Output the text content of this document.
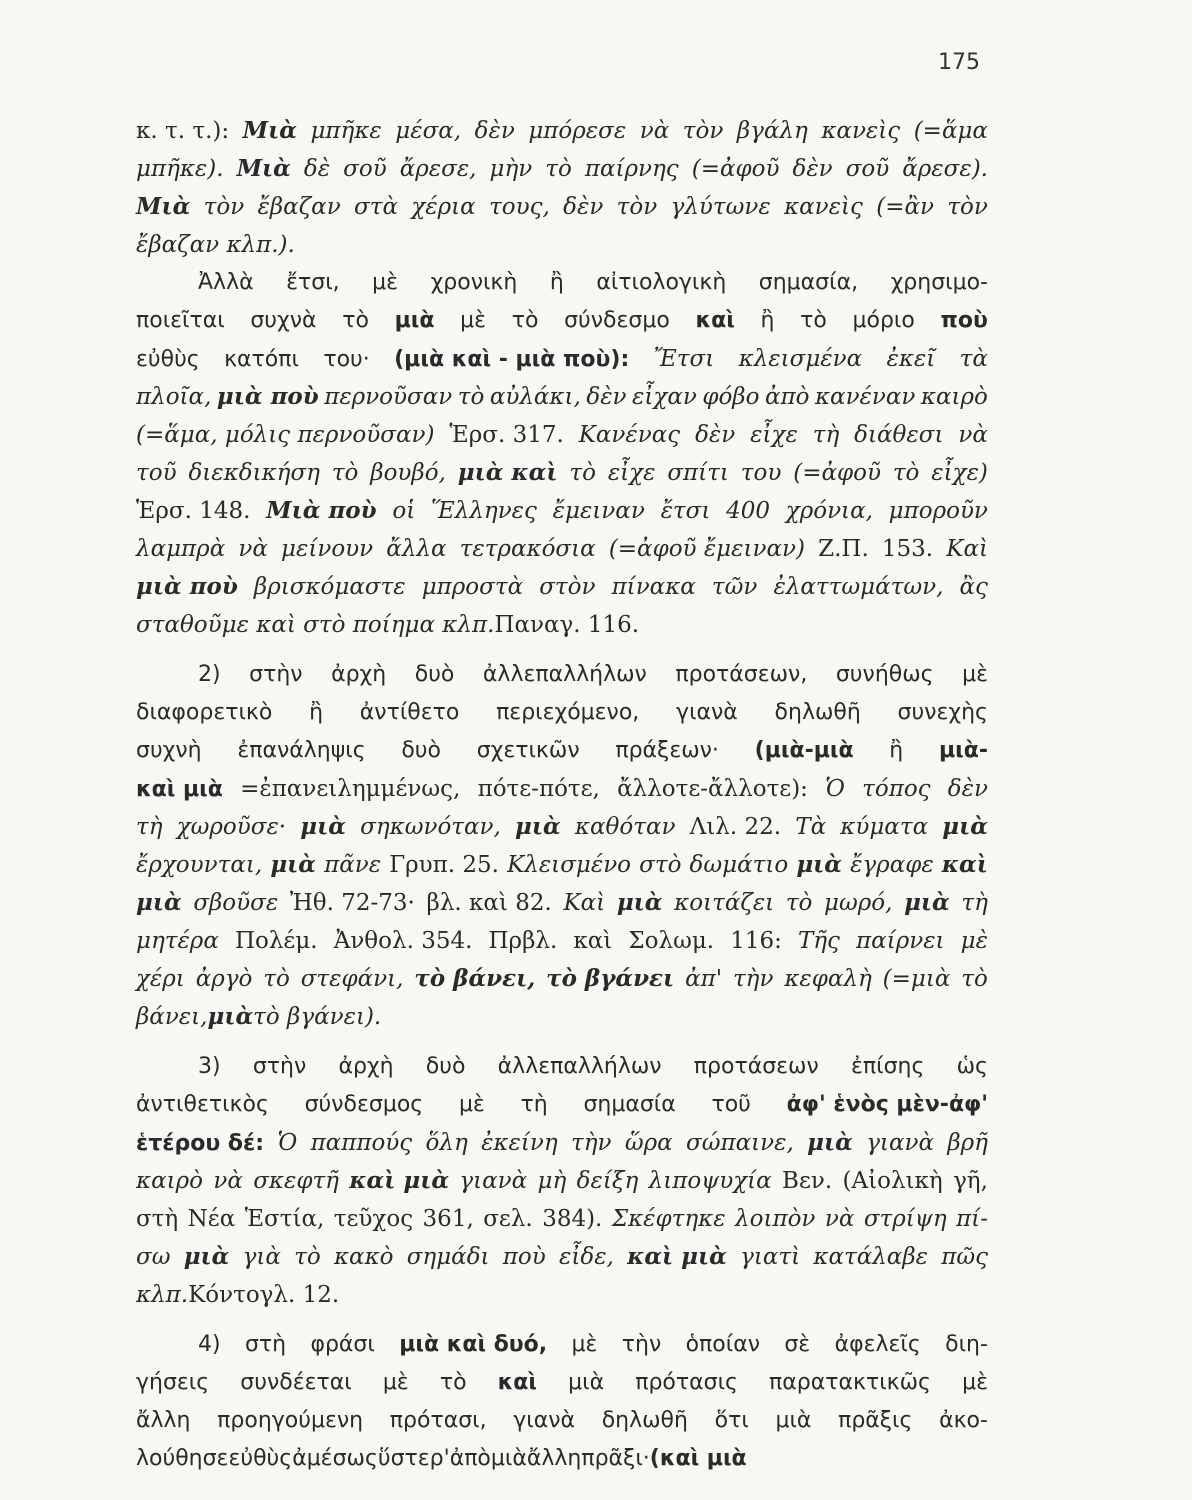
175
κ. τ. τ.): Μιὰ μπῆκε μέσα, δὲν μπόρεσε νὰ τὸν βγάλη κανεὶς (=ἅμα
μπῆκε). Μιὰ δὲ σοῦ ἄρεσε, μὴν τὸ παίρνης (=ἀφοῦ δὲν σοῦ ἄρεσε).
Μιὰ τὸν ἔβαζαν στὰ χέρια τους, δὲν τὸν γλύτωνε κανεὶς (=ἂν τὸν
ἔβαζαν κλπ.).
Ἀλλὰ ἔτσι, μὲ χρονικὴ ἢ αἰτιολογικὴ σημασία, χρησιμο-
ποιεῖται συχνὰ τὸ μιὰ μὲ τὸ σύνδεσμο καὶ ἢ τὸ μόριο ποὺ
εὐθὺς κατόπι του· (μιὰ καὶ - μιὰ ποὺ): Ἔτσι κλεισμένα ἐκεῖ τὰ
πλοῖα, μιὰ ποὺ περνοῦσαν τὸ αὐλάκι, δὲν εἶχαν φόβο ἀπὸ κανέναν καιρὸ
(=ἅμα, μόλις περνοῦσαν) Ἑρσ. 317. Κανένας δὲν εἶχε τὴ διάθεσι νὰ
τοῦ διεκδικήση τὸ βουβό, μιὰ καὶ τὸ εἶχε σπίτι του (=ἀφοῦ τὸ εἶχε)
Ἑρσ. 148. Μιὰ ποὺ οἱ Ἕλληνες ἔμειναν ἔτσι 400 χρόνια, μποροῦν
λαμπρὰ νὰ μείνουν ἄλλα τετρακόσια (=ἀφοῦ ἔμειναν) Ζ.Π. 153. Καὶ
μιὰ ποὺ βρισκόμαστε μπροστὰ στὸν πίνακα τῶν ἐλαττωμάτων, ἂς
σταθοῦμε καὶ στὸ ποίημα κλπ. Παναγ. 116.
2) στὴν ἀρχὴ δυὸ ἀλλεπαλλήλων προτάσεων, συνήθως μὲ
διαφορετικὸ ἢ ἀντίθετο περιεχόμενο, γιανὰ δηλωθῆ συνεχὴς
συχνὴ ἐπανάληψις δυὸ σχετικῶν πράξεων· (μιὰ-μιὰ ἢ μιὰ-
καὶ μιὰ =ἐπανειλημμένως, πότε-πότε, ἄλλοτε-ἄλλοτε): Ὁ τόπος δὲν
τὴ χωροῦσε· μιὰ σηκωνόταν, μιὰ καθόταν Λιλ. 22. Τὰ κύματα μιὰ
ἔρχουνται, μιὰ πᾶνε Γρυπ. 25. Κλεισμένο στὸ δωμάτιο μιὰ ἔγραφε καὶ
μιὰ σβοῦσε Ἠθ. 72-73· βλ. καὶ 82. Καὶ μιὰ κοιτάζει τὸ μωρό, μιὰ τὴ
μητέρα Πολέμ. Ἀνθολ. 354. Πρβλ. καὶ Σολωμ. 116: Τῆς παίρνει μὲ
χέρι ἀργὸ τὸ στεφάνι, τὸ βάνει, τὸ βγάνει ἀπ' τὴν κεφαλὴ (=μιὰ τὸ
βάνει, μιὰ τὸ βγάνει).
3) στὴν ἀρχὴ δυὸ ἀλλεπαλλήλων προτάσεων ἐπίσης ὡς
ἀντιθετικὸς σύνδεσμος μὲ τὴ σημασία τοῦ ἀφ' ἑνὸς μὲν-ἀφ'
ἑτέρου δέ: Ὁ παππούς ὅλη ἐκείνη τὴν ὥρα σώπαινε, μιὰ γιανὰ βρῆ
καιρὸ νὰ σκεφτῆ καὶ μιὰ γιανὰ μὴ δείξη λιποψυχία Βεν. (Αἰολικὴ γῆ,
στὴ Νέα Ἑστία, τεῦχος 361, σελ. 384). Σκέφτηκε λοιπὸν νὰ στρίψη πί-
σω μιὰ γιὰ τὸ κακὸ σημάδι ποὺ εἶδε, καὶ μιὰ γιατὶ κατάλαβε πῶς
κλπ. Κόντογλ. 12.
4) στὴ φράσι μιὰ καὶ δυό, μὲ τὴν ὁποίαν σὲ ἀφελεῖς διη-
γήσεις συνδέεται μὲ τὸ καὶ μιὰ πρότασις παρατακτικῶς μὲ
ἄλλη προηγούμενη πρότασι, γιανὰ δηλωθῆ ὅτι μιὰ πρᾶξις ἀκο-
λούθησε εὐθὺς ἀμέσως ὕστερ' ἀπὸ μιὰ ἄλλη πρᾶξι· (καὶ μιὰ
